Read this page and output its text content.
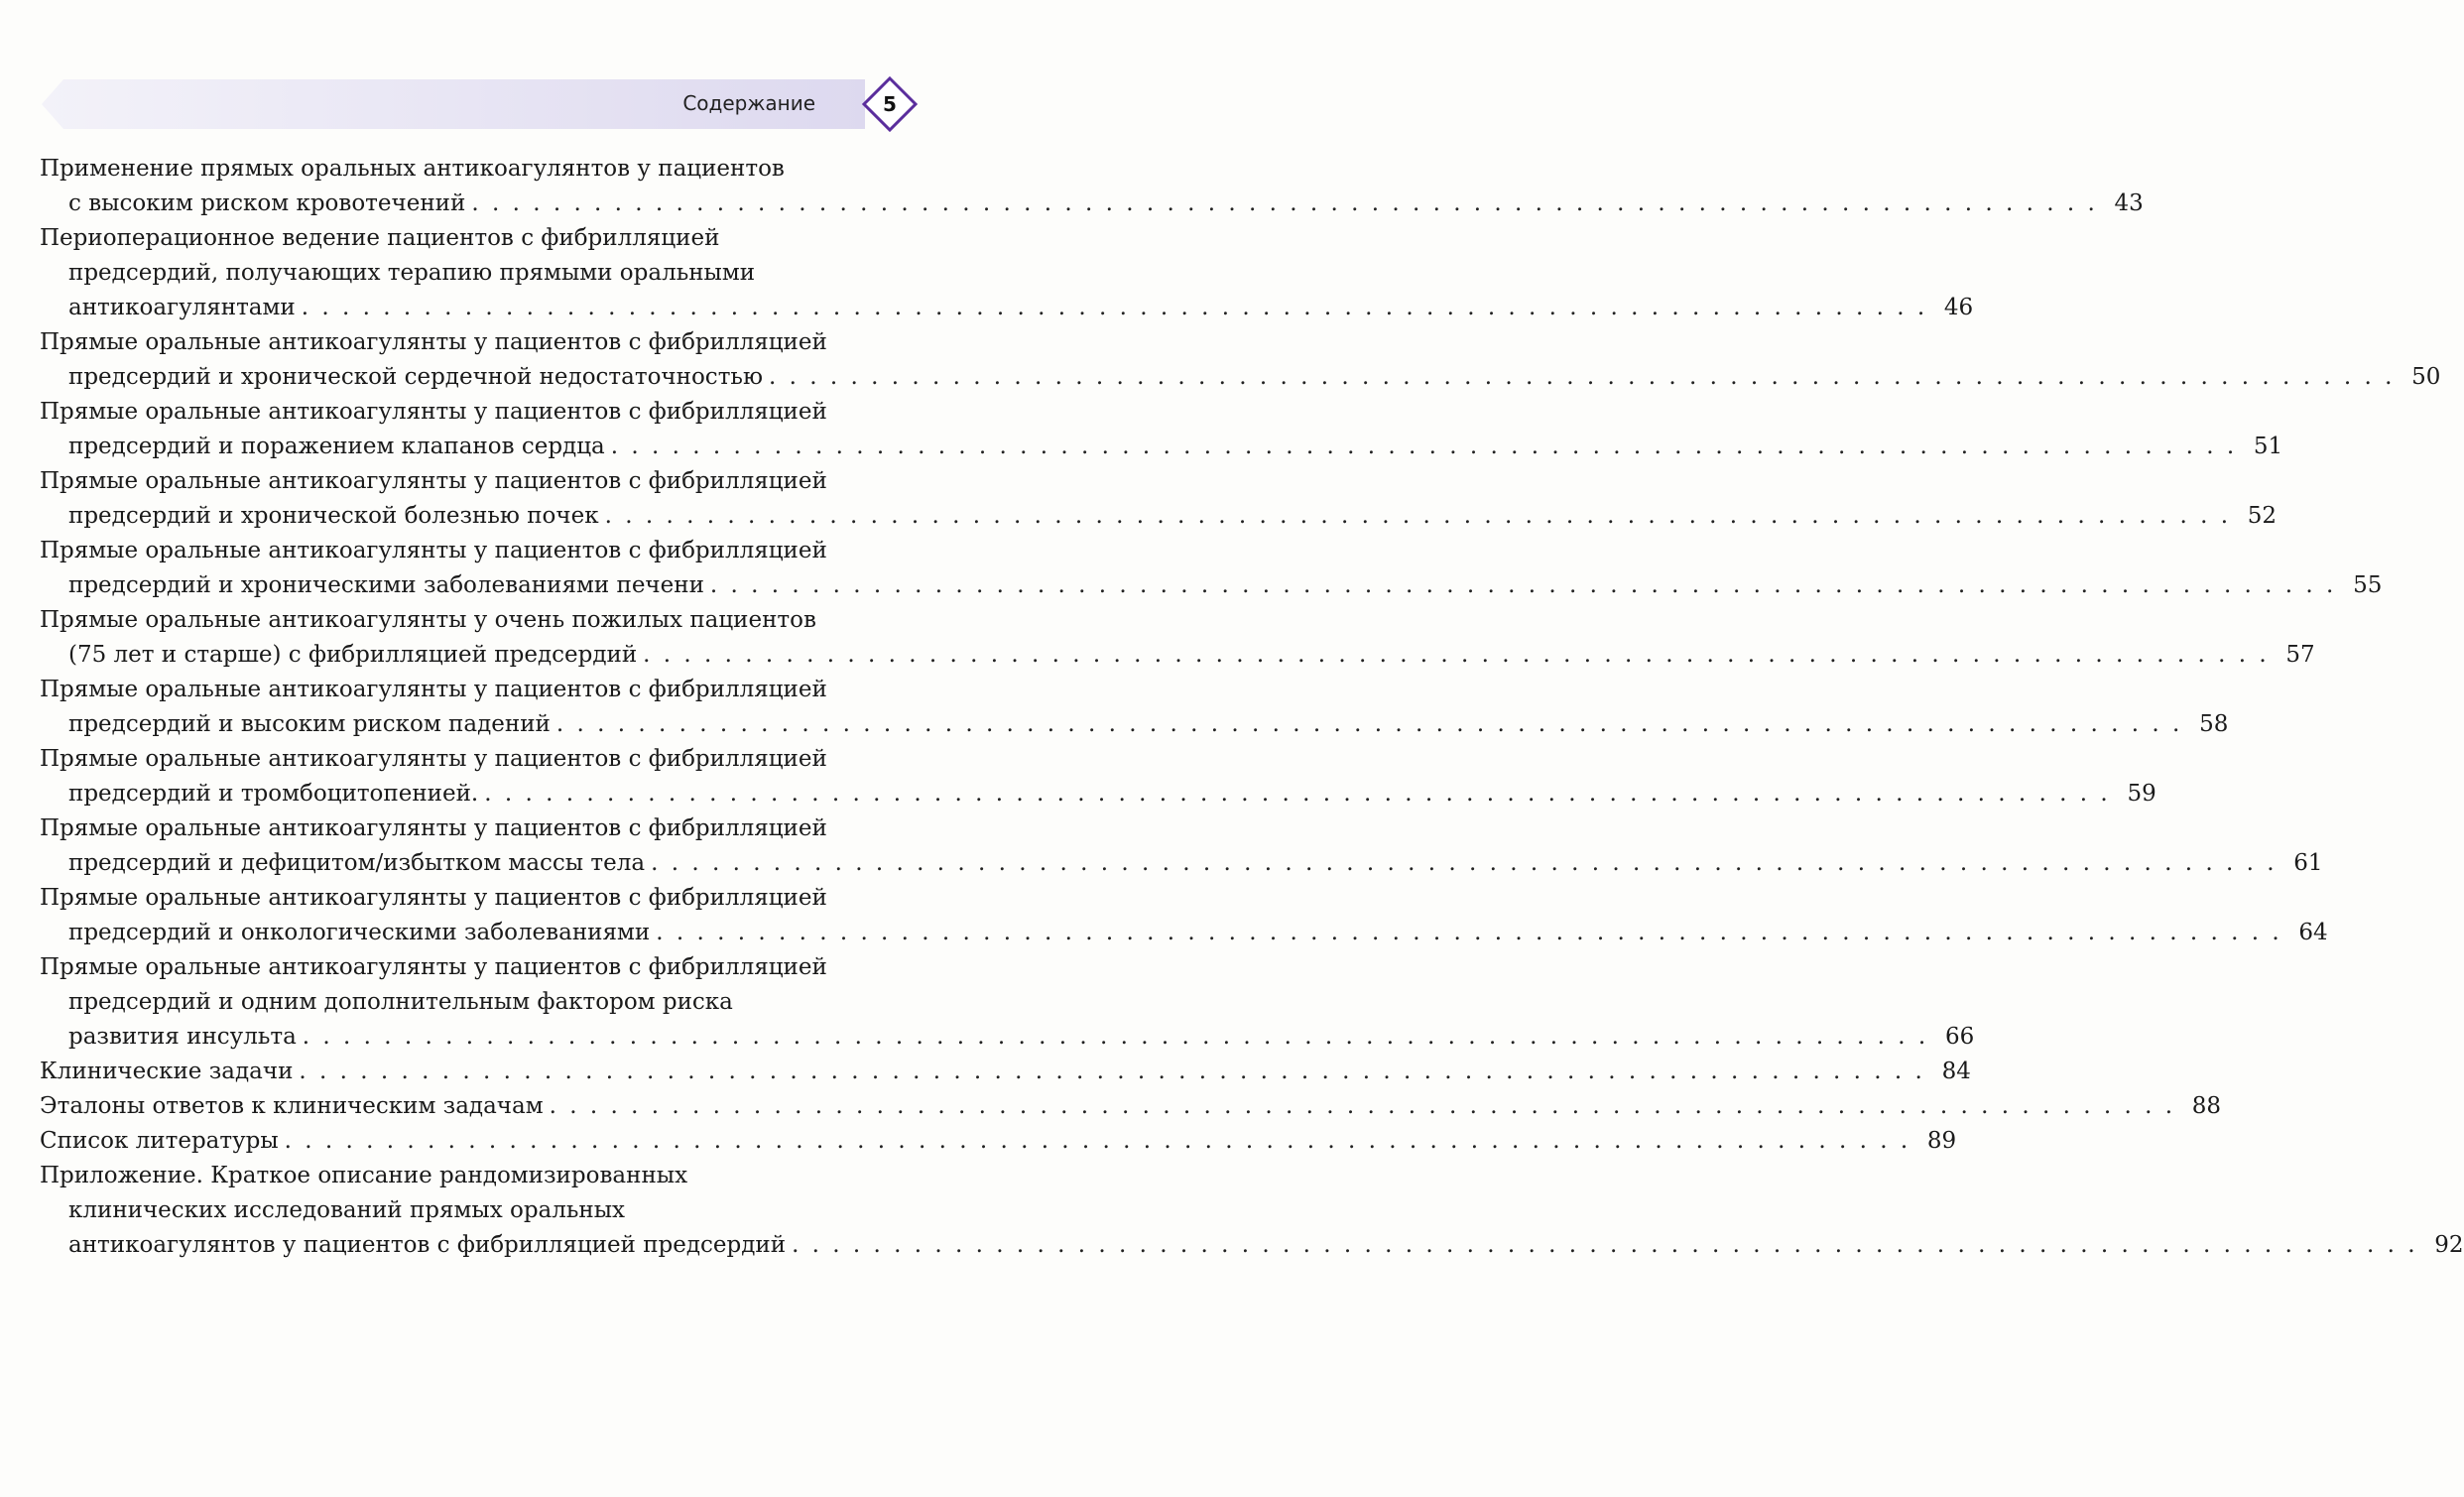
Содержание	5
Применение прямых оральных антикоагулянтов у пациентов
с высоким риском кровотечений . . . . . . . . . . . . . . . . . . . . . . . . . . . . . . . . . . . . . . . . . . . . . . . . . . . . . . . . . . . . . . . . . . . . . . . . . . . . . . . . 43
Периоперационное ведение пациентов с фибрилляцией
предсердий, получающих терапию прямыми оральными
антикоагулянтами . . . . . . . . . . . . . . . . . . . . . . . . . . . . . . . . . . . . . . . . . . . . . . . . . . . . . . . . . . . . . . . . . . . . . . . . . . . . . . . . 46
Прямые оральные антикоагулянты у пациентов с фибрилляцией
предсердий и хронической сердечной недостаточностью . . . . . . . . . . . . . . . . . . . . . . . . . . . . . . . . . . . . . . . . . . . . . . . . . . . . . . . . . . . . . . . . . . . . . . . . . . . . . . . . 50
Прямые оральные антикоагулянты у пациентов с фибрилляцией
предсердий и поражением клапанов сердца . . . . . . . . . . . . . . . . . . . . . . . . . . . . . . . . . . . . . . . . . . . . . . . . . . . . . . . . . . . . . . . . . . . . . . . . . . . . . . . . 51
Прямые оральные антикоагулянты у пациентов с фибрилляцией
предсердий и хронической болезнью почек . . . . . . . . . . . . . . . . . . . . . . . . . . . . . . . . . . . . . . . . . . . . . . . . . . . . . . . . . . . . . . . . . . . . . . . . . . . . . . . . 52
Прямые оральные антикоагулянты у пациентов с фибрилляцией
предсердий и хроническими заболеваниями печени . . . . . . . . . . . . . . . . . . . . . . . . . . . . . . . . . . . . . . . . . . . . . . . . . . . . . . . . . . . . . . . . . . . . . . . . . . . . . . . . 55
Прямые оральные антикоагулянты у очень пожилых пациентов
(75 лет и старше) с фибрилляцией предсердий . . . . . . . . . . . . . . . . . . . . . . . . . . . . . . . . . . . . . . . . . . . . . . . . . . . . . . . . . . . . . . . . . . . . . . . . . . . . . . . . 57
Прямые оральные антикоагулянты у пациентов с фибрилляцией
предсердий и высоким риском падений . . . . . . . . . . . . . . . . . . . . . . . . . . . . . . . . . . . . . . . . . . . . . . . . . . . . . . . . . . . . . . . . . . . . . . . . . . . . . . . . 58
Прямые оральные антикоагулянты у пациентов с фибрилляцией
предсердий и тромбоцитопенией. . . . . . . . . . . . . . . . . . . . . . . . . . . . . . . . . . . . . . . . . . . . . . . . . . . . . . . . . . . . . . . . . . . . . . . . . . . . . . . . . 59
Прямые оральные антикоагулянты у пациентов с фибрилляцией
предсердий и дефицитом/избытком массы тела . . . . . . . . . . . . . . . . . . . . . . . . . . . . . . . . . . . . . . . . . . . . . . . . . . . . . . . . . . . . . . . . . . . . . . . . . . . . . . . . 61
Прямые оральные антикоагулянты у пациентов с фибрилляцией
предсердий и онкологическими заболеваниями . . . . . . . . . . . . . . . . . . . . . . . . . . . . . . . . . . . . . . . . . . . . . . . . . . . . . . . . . . . . . . . . . . . . . . . . . . . . . . . . 64
Прямые оральные антикоагулянты у пациентов с фибрилляцией
предсердий и одним дополнительным фактором риска
развития инсульта . . . . . . . . . . . . . . . . . . . . . . . . . . . . . . . . . . . . . . . . . . . . . . . . . . . . . . . . . . . . . . . . . . . . . . . . . . . . . . . . 66
Клинические задачи . . . . . . . . . . . . . . . . . . . . . . . . . . . . . . . . . . . . . . . . . . . . . . . . . . . . . . . . . . . . . . . . . . . . . . . . . . . . . . . . 84
Эталоны ответов к клиническим задачам . . . . . . . . . . . . . . . . . . . . . . . . . . . . . . . . . . . . . . . . . . . . . . . . . . . . . . . . . . . . . . . . . . . . . . . . . . . . . . . . 88
Список литературы . . . . . . . . . . . . . . . . . . . . . . . . . . . . . . . . . . . . . . . . . . . . . . . . . . . . . . . . . . . . . . . . . . . . . . . . . . . . . . . . 89
Приложение. Краткое описание рандомизированных
клинических исследований прямых оральных
антикоагулянтов у пациентов с фибрилляцией предсердий . . . . . . . . . . . . . . . . . . . . . . . . . . . . . . . . . . . . . . . . . . . . . . . . . . . . . . . . . . . . . . . . . . . . . . . . . . . . . . . . 92
